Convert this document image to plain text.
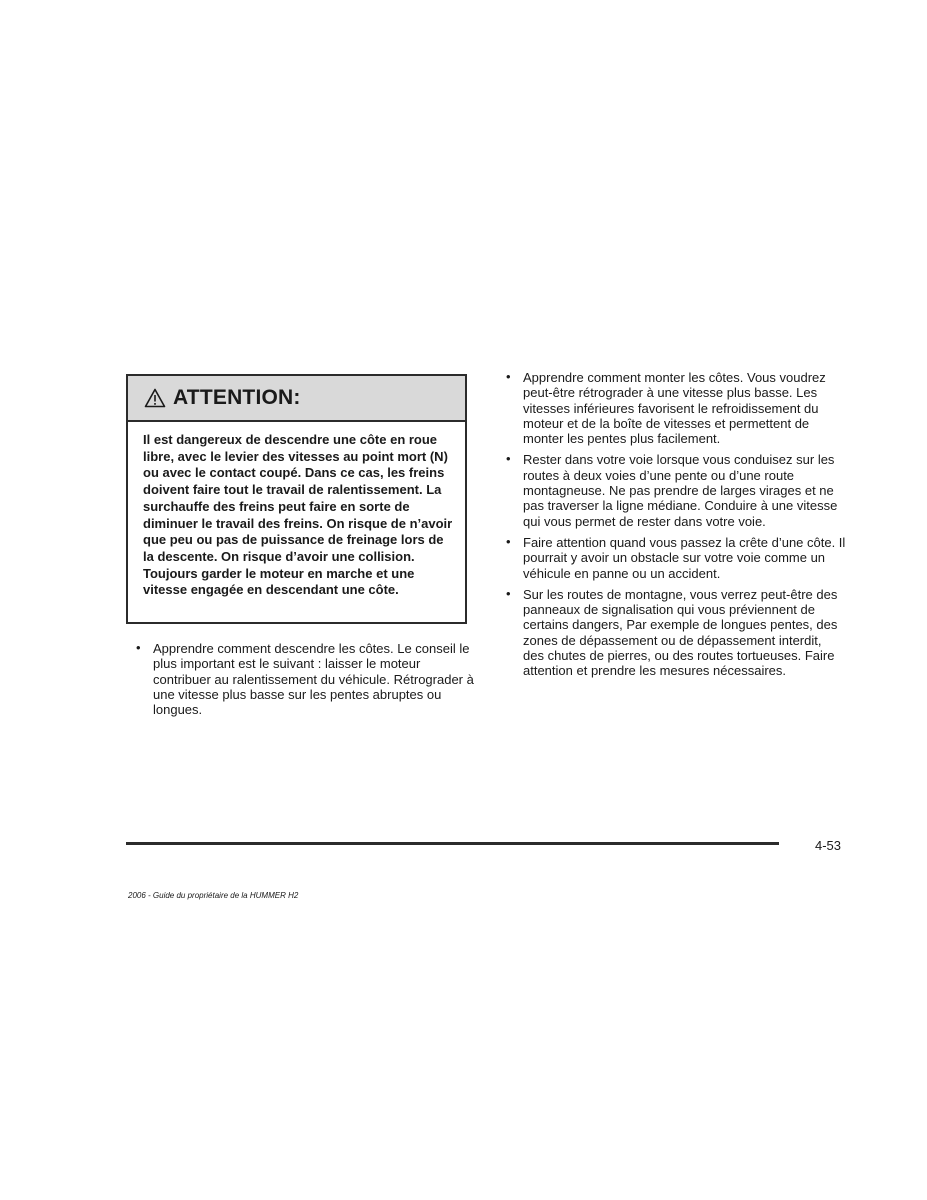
ATTENTION:
Il est dangereux de descendre une côte en roue libre, avec le levier des vitesses au point mort (N) ou avec le contact coupé. Dans ce cas, les freins doivent faire tout le travail de ralentissement. La surchauffe des freins peut faire en sorte de diminuer le travail des freins. On risque de n’avoir que peu ou pas de puissance de freinage lors de la descente. On risque d’avoir une collision. Toujours garder le moteur en marche et une vitesse engagée en descendant une côte.
• Apprendre comment descendre les côtes. Le conseil le plus important est le suivant : laisser le moteur contribuer au ralentissement du véhicule. Rétrograder à une vitesse plus basse sur les pentes abruptes ou longues.
• Apprendre comment monter les côtes. Vous voudrez peut-être rétrograder à une vitesse plus basse. Les vitesses inférieures favorisent le refroidissement du moteur et de la boîte de vitesses et permettent de monter les pentes plus facilement.
• Rester dans votre voie lorsque vous conduisez sur les routes à deux voies d’une pente ou d’une route montagneuse. Ne pas prendre de larges virages et ne pas traverser la ligne médiane. Conduire à une vitesse qui vous permet de rester dans votre voie.
• Faire attention quand vous passez la crête d’une côte. Il pourrait y avoir un obstacle sur votre voie comme un véhicule en panne ou un accident.
• Sur les routes de montagne, vous verrez peut-être des panneaux de signalisation qui vous préviennent de certains dangers, Par exemple de longues pentes, des zones de dépassement ou de dépassement interdit, des chutes de pierres, ou des routes tortueuses. Faire attention et prendre les mesures nécessaires.
4-53
2006 - Guide du propriétaire de la HUMMER H2
